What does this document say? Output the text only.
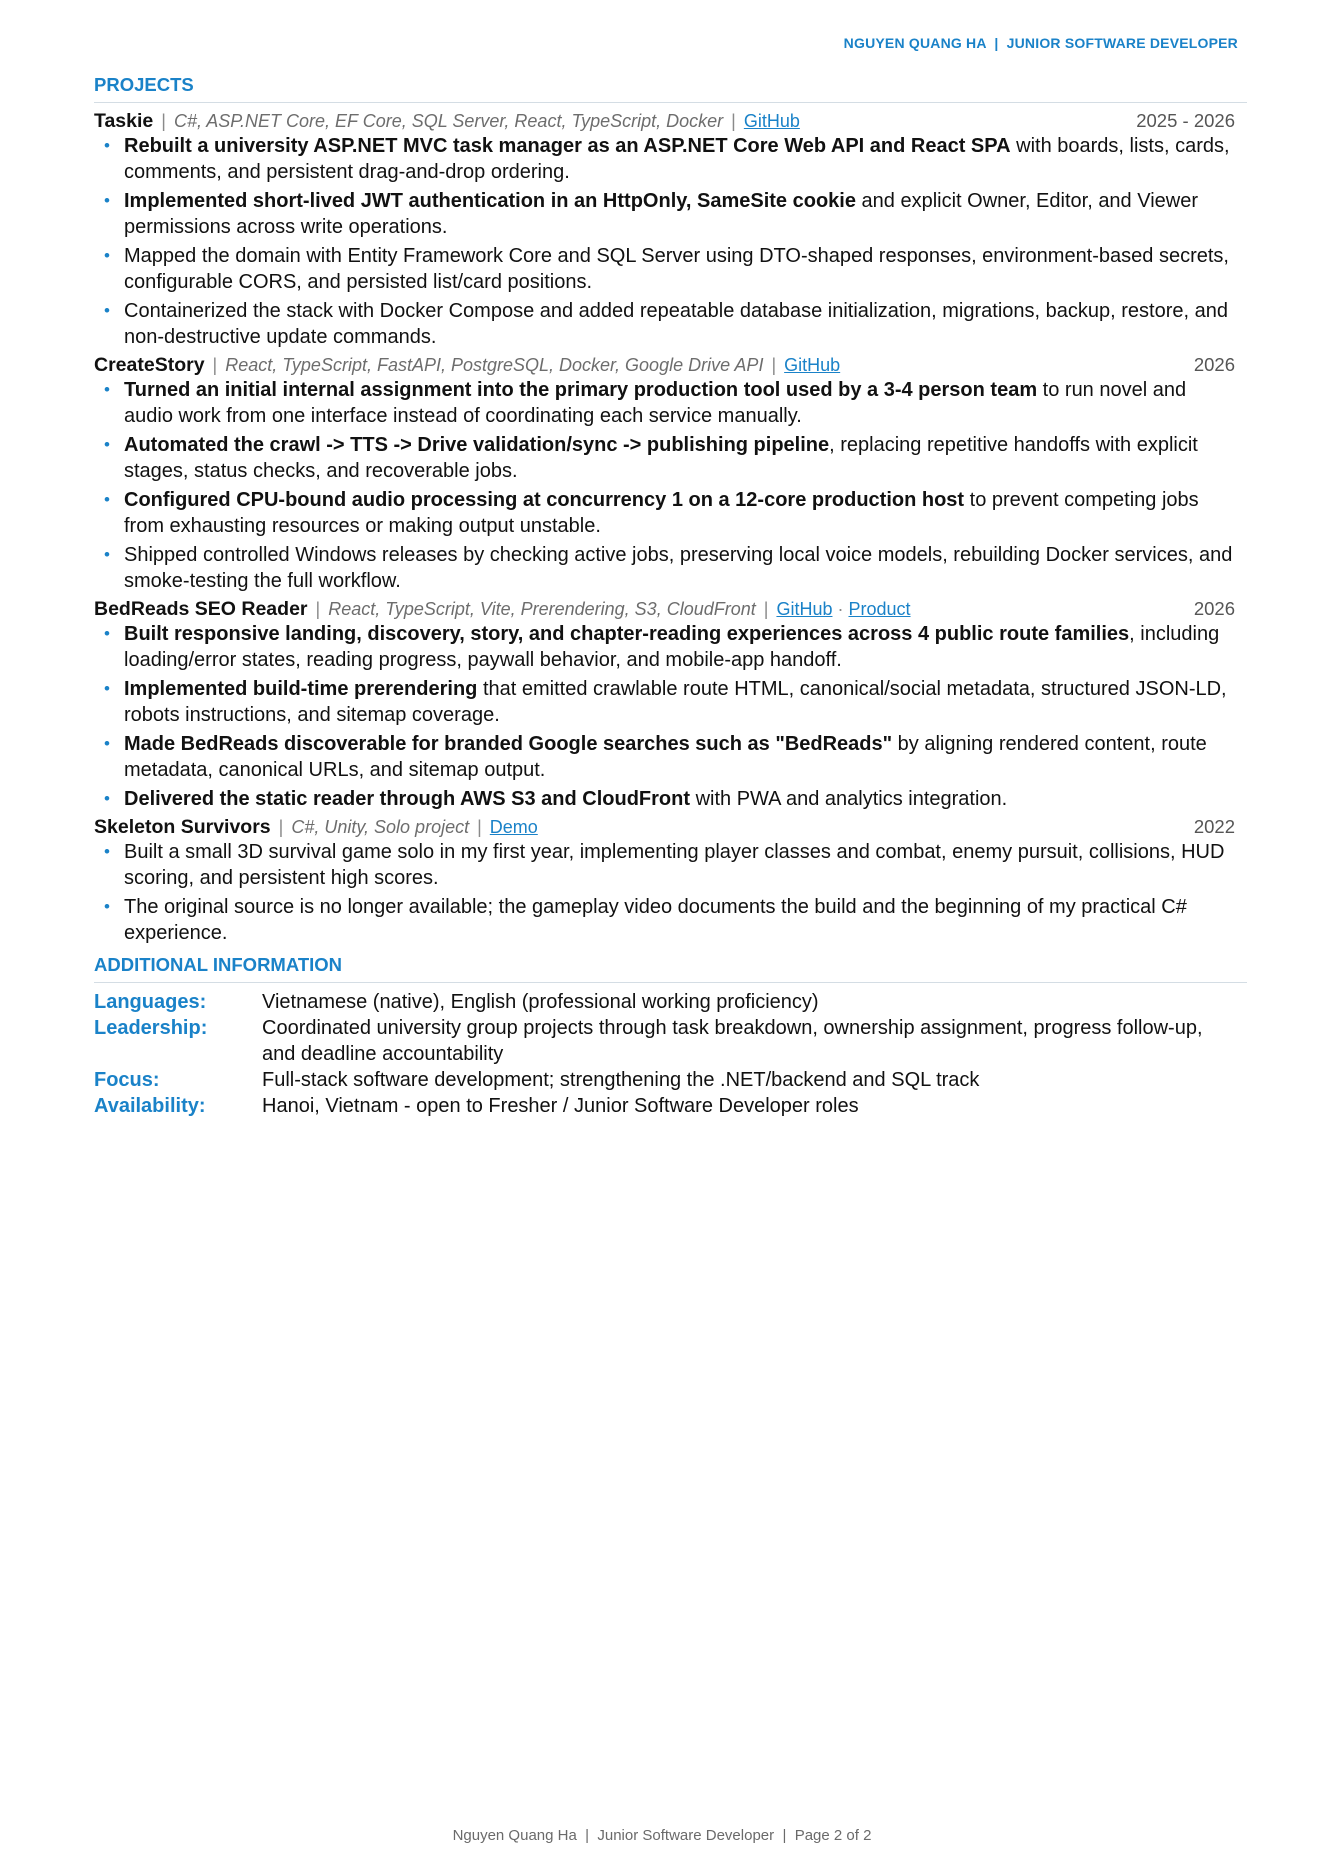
NGUYEN QUANG HA  |  JUNIOR SOFTWARE DEVELOPER
PROJECTS
Taskie | C#, ASP.NET Core, EF Core, SQL Server, React, TypeScript, Docker | GitHub	2025 - 2026
• Rebuilt a university ASP.NET MVC task manager as an ASP.NET Core Web API and React SPA with boards, lists, cards, comments, and persistent drag-and-drop ordering.
• Implemented short-lived JWT authentication in an HttpOnly, SameSite cookie and explicit Owner, Editor, and Viewer permissions across write operations.
• Mapped the domain with Entity Framework Core and SQL Server using DTO-shaped responses, environment-based secrets, configurable CORS, and persisted list/card positions.
• Containerized the stack with Docker Compose and added repeatable database initialization, migrations, backup, restore, and non-destructive update commands.
CreateStory | React, TypeScript, FastAPI, PostgreSQL, Docker, Google Drive API | GitHub	2026
• Turned an initial internal assignment into the primary production tool used by a 3-4 person team to run novel and audio work from one interface instead of coordinating each service manually.
• Automated the crawl -> TTS -> Drive validation/sync -> publishing pipeline, replacing repetitive handoffs with explicit stages, status checks, and recoverable jobs.
• Configured CPU-bound audio processing at concurrency 1 on a 12-core production host to prevent competing jobs from exhausting resources or making output unstable.
• Shipped controlled Windows releases by checking active jobs, preserving local voice models, rebuilding Docker services, and smoke-testing the full workflow.
BedReads SEO Reader | React, TypeScript, Vite, Prerendering, S3, CloudFront | GitHub · Product	2026
• Built responsive landing, discovery, story, and chapter-reading experiences across 4 public route families, including loading/error states, reading progress, paywall behavior, and mobile-app handoff.
• Implemented build-time prerendering that emitted crawlable route HTML, canonical/social metadata, structured JSON-LD, robots instructions, and sitemap coverage.
• Made BedReads discoverable for branded Google searches such as "BedReads" by aligning rendered content, route metadata, canonical URLs, and sitemap output.
• Delivered the static reader through AWS S3 and CloudFront with PWA and analytics integration.
Skeleton Survivors | C#, Unity, Solo project | Demo	2022
• Built a small 3D survival game solo in my first year, implementing player classes and combat, enemy pursuit, collisions, HUD scoring, and persistent high scores.
• The original source is no longer available; the gameplay video documents the build and the beginning of my practical C# experience.
ADDITIONAL INFORMATION
Languages:	Vietnamese (native), English (professional working proficiency)
Leadership:	Coordinated university group projects through task breakdown, ownership assignment, progress follow-up, and deadline accountability
Focus:	Full-stack software development; strengthening the .NET/backend and SQL track
Availability:	Hanoi, Vietnam - open to Fresher / Junior Software Developer roles
Nguyen Quang Ha  |  Junior Software Developer  |  Page 2 of 2
